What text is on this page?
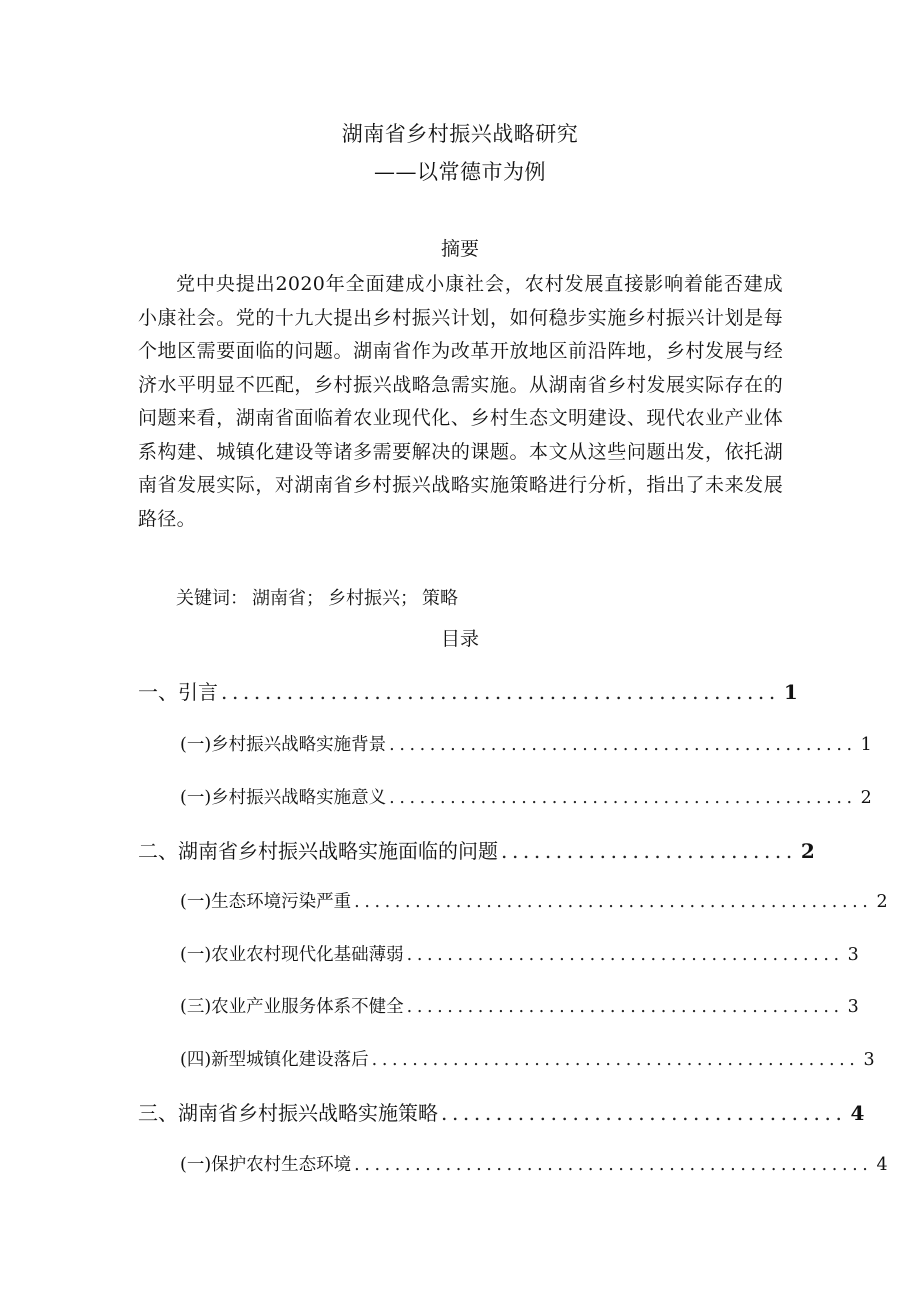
湖南省乡村振兴战略研究
——以常德市为例
摘要

党中央提出2020年全面建成小康社会，农村发展直接影响着能否建成小康社会。党的十九大提出乡村振兴计划，如何稳步实施乡村振兴计划是每个地区需要面临的问题。湖南省作为改革开放地区前沿阵地，乡村发展与经济水平明显不匹配，乡村振兴战略急需实施。从湖南省乡村发展实际存在的问题来看，湖南省面临着农业现代化、乡村生态文明建设、现代农业产业体系构建、城镇化建设等诸多需要解决的课题。本文从这些问题出发，依托湖南省发展实际，对湖南省乡村振兴战略实施策略进行分析，指出了未来发展路径。

关键词： 湖南省； 乡村振兴； 策略
目录
一、引言 ................................................... 1
(一)乡村振兴战略实施背景 .............................................. 1
(一)乡村振兴战略实施意义 .............................................. 2
二、湖南省乡村振兴战略实施面临的问题 ........................... 2
(一)生态环境污染严重 ................................................... 2
(一)农业农村现代化基础薄弱 ........................................... 3
(三)农业产业服务体系不健全 ........................................... 3
(四)新型城镇化建设落后 ................................................ 3
三、湖南省乡村振兴战略实施策略 ..................................... 4
(一)保护农村生态环境 ................................................... 4
